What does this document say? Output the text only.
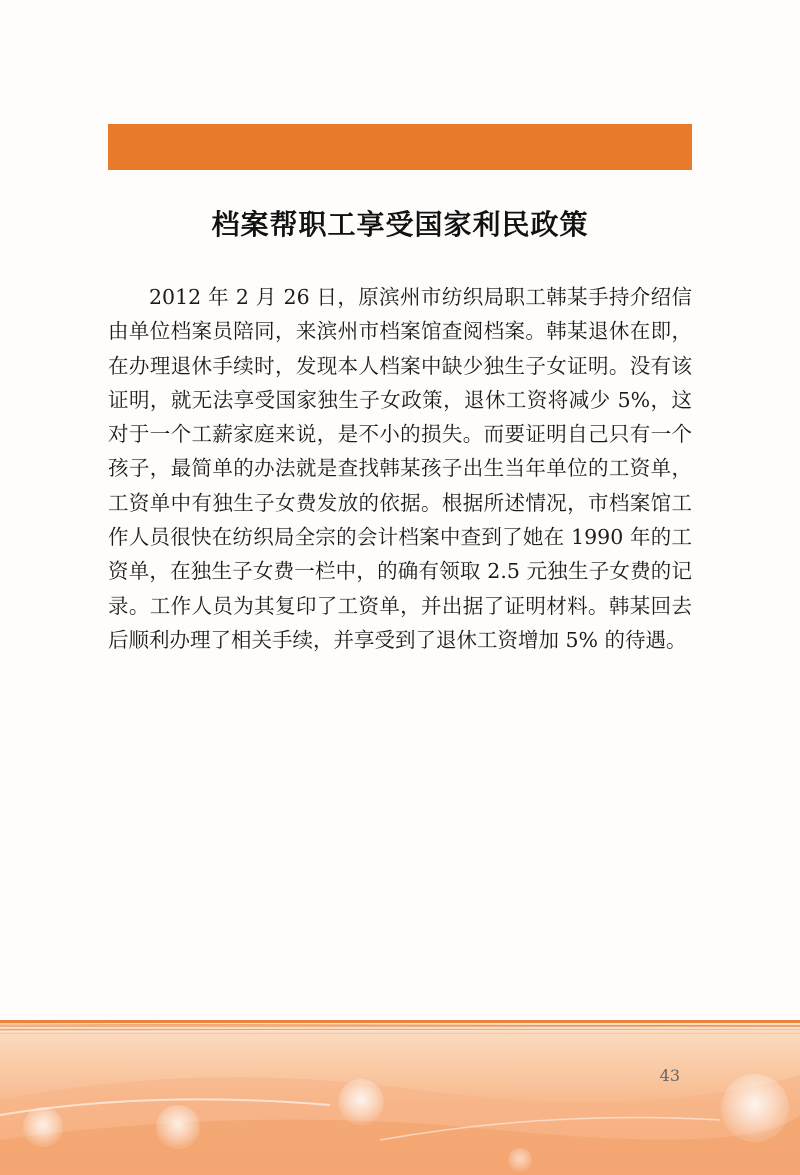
档案帮职工享受国家利民政策

2012 年 2 月 26 日，原滨州市纺织局职工韩某手持介绍信由单位档案员陪同，来滨州市档案馆查阅档案。韩某退休在即，在办理退休手续时，发现本人档案中缺少独生子女证明。没有该证明，就无法享受国家独生子女政策，退休工资将减少 5%，这对于一个工薪家庭来说，是不小的损失。而要证明自己只有一个孩子，最简单的办法就是查找韩某孩子出生当年单位的工资单，工资单中有独生子女费发放的依据。根据所述情况，市档案馆工作人员很快在纺织局全宗的会计档案中查到了她在 1990 年的工资单，在独生子女费一栏中，的确有领取 2.5 元独生子女费的记录。工作人员为其复印了工资单，并出据了证明材料。韩某回去后顺利办理了相关手续，并享受到了退休工资增加 5% 的待遇。

43
